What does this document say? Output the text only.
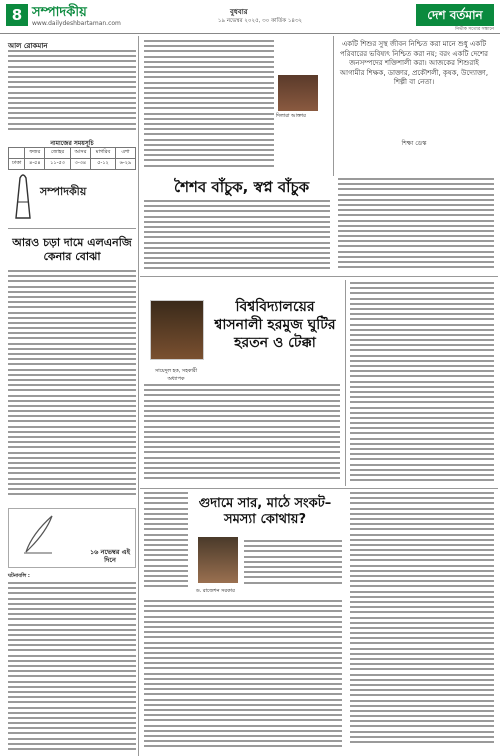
8 সম্পাদকীয়
www.dailydeshbartaman.com
বুধবার
১৯ নভেম্বর ২০২৫, ৩০ কার্তিক ১৪৩২	দেশ বর্তমান
নির্ভীক সত্যের সন্ধানে
আল রোকমান
নামাজের সময়সূচি
	ফজর	জোহর	আসর	মাগরিব	এশা
ঢাকা	৪-৫৪	১১-৫৩	৩-৩৪	৫-১২	৬-২৯
সম্পাদকীয়
আরও চড়া দামে এলএনজি কেনার বোঝা
১৬ নভেম্বর এই দিনে
ঘটনাবলি :
দিলারা আক্তার
একটি শিশুর সুস্থ জীবন নিশ্চিত করা মানে শুধু একটি পরিবারের ভবিষ্যৎ নিশ্চিত করা নয়; বরং একটি দেশের জনসম্পদের শক্তিশালী করা। আজকের শিশুরাই আগামীর শিক্ষক, ডাক্তার, প্রকৌশলী, কৃষক, উদ্যোক্তা, শিল্পী বা নেতা।
শিক্ষা ডেস্ক
শৈশব বাঁচুক, স্বপ্ন বাঁচুক
বিশ্ববিদ্যালয়ের শ্বাসনালী হরমুজ ঘুটির হরতন ও টেক্কা
সায়েদুল হক, সহকারী অধ্যাপক
গুদামে সার, মাঠে সংকট–সমস্যা কোথায়?
ড. রাজেশন সরকার
